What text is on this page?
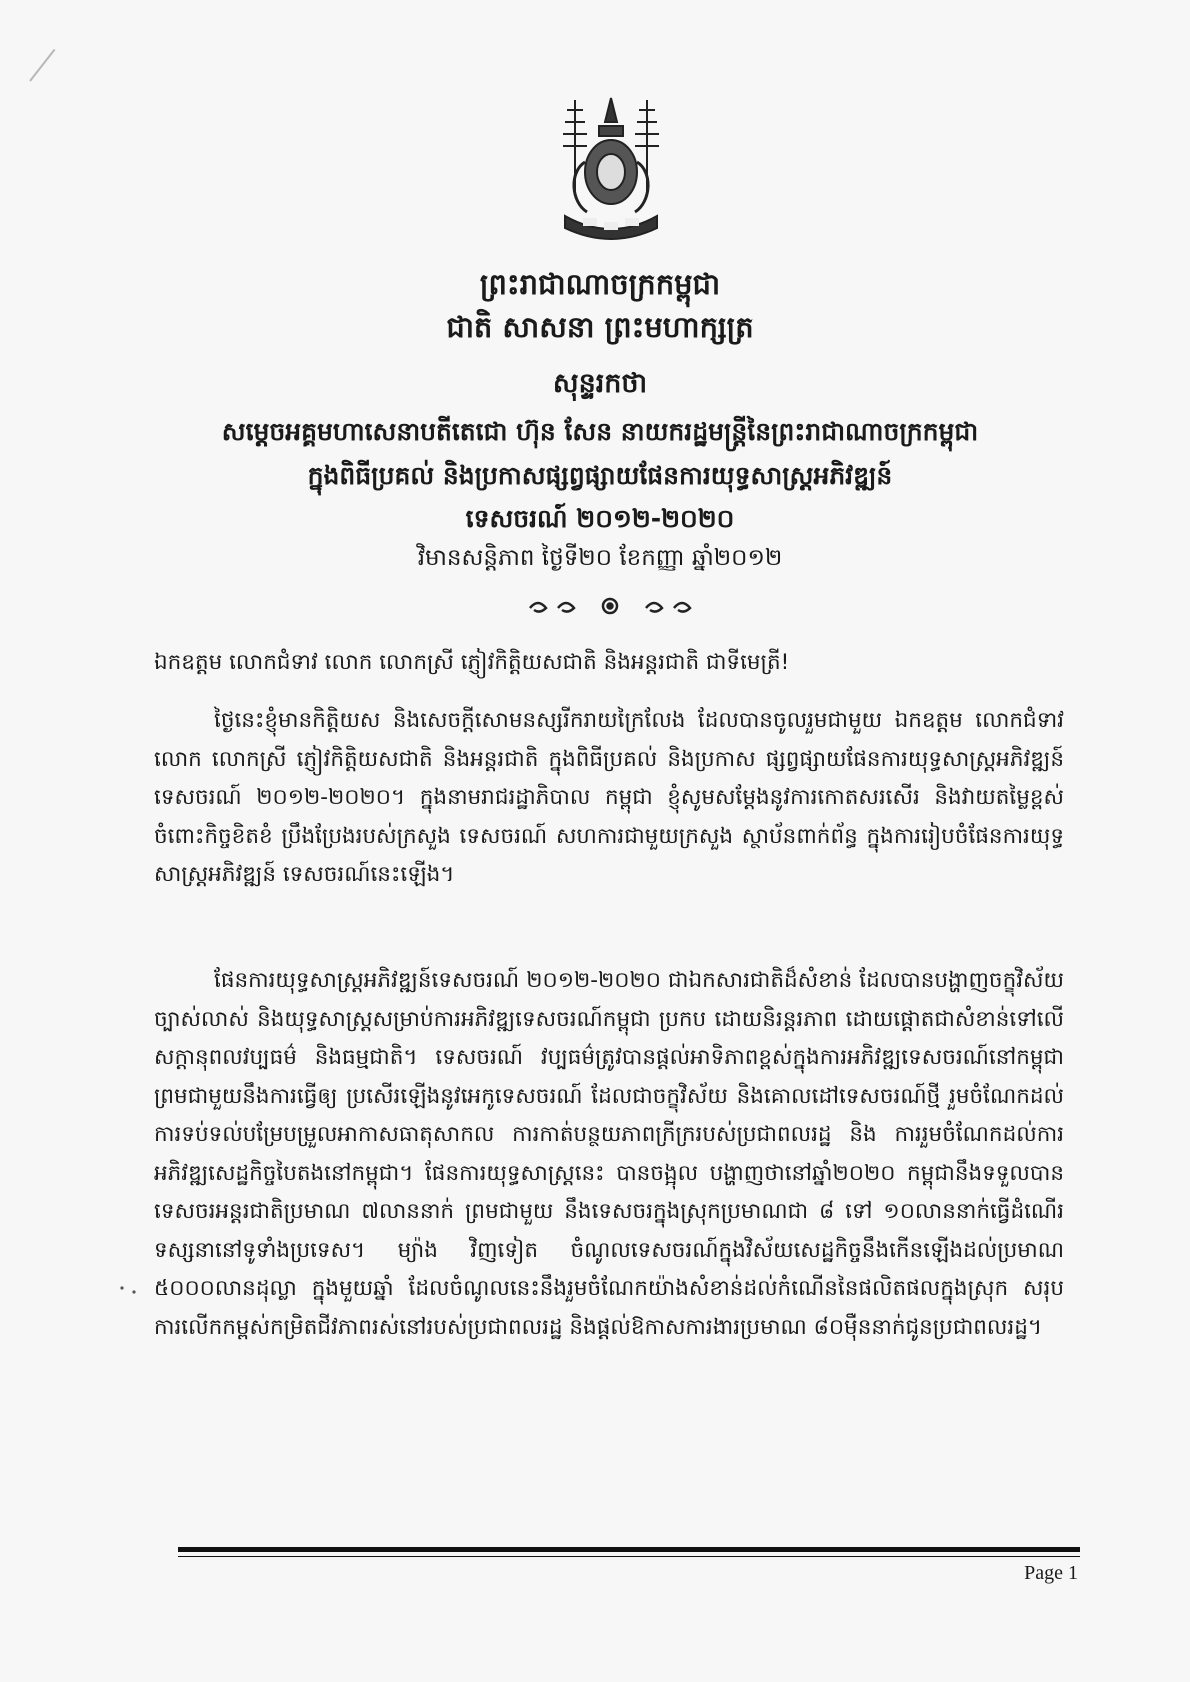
ព្រះរាជាណាចក្រកម្ពុជា
ជាតិ សាសនា ព្រះមហាក្សត្រ
សុន្ទរកថា
សម្តេចអគ្គមហាសេនាបតីតេជោ ហ៊ុន សែន នាយករដ្ឋមន្ត្រីនៃព្រះរាជាណាចក្រកម្ពុជា
ក្នុងពិធីប្រគល់ និងប្រកាសផ្សព្វផ្សាយផែនការយុទ្ធសាស្រ្តអភិវឌ្ឍន៍
ទេសចរណ៍ ២០១២-២០២០
វិមានសន្តិភាព ថ្ងៃទី២០ ខែកញ្ញា ឆ្នាំ២០១២
ឯកឧត្តម លោកជំទាវ លោក លោកស្រី ភ្ញៀវកិត្តិយសជាតិ និងអន្តរជាតិ ជាទីមេត្រី!
ថ្ងៃនេះខ្ញុំមានកិត្តិយស និងសេចក្តីសោមនស្សរីករាយក្រៃលែង ដែលបានចូលរួមជាមួយ ឯកឧត្តម លោកជំទាវ លោក លោកស្រី ភ្ញៀវកិត្តិយសជាតិ និងអន្តរជាតិ ក្នុងពិធីប្រគល់ និងប្រកាស ផ្សព្វផ្សាយផែនការយុទ្ធសាស្រ្តអភិវឌ្ឍន៍ទេសចរណ៍ ២០១២-២០២០។ ក្នុងនាមរាជរដ្ឋាភិបាល កម្ពុជា ខ្ញុំសូមសម្តែងនូវការកោតសរសើរ និងវាយតម្លៃខ្ពស់ចំពោះកិច្ចខិតខំ ប្រឹងប្រែងរបស់ក្រសួង ទេសចរណ៍ សហការជាមួយក្រសួង ស្ថាប័នពាក់ព័ន្ធ ក្នុងការរៀបចំផែនការយុទ្ធសាស្រ្តអភិវឌ្ឍន៍ ទេសចរណ៍នេះឡើង។
ផែនការយុទ្ធសាស្រ្តអភិវឌ្ឍន៍ទេសចរណ៍ ២០១២-២០២០ ជាឯកសារជាតិដ៏សំខាន់ ដែលបានបង្ហាញចក្ខុវិស័យច្បាស់លាស់ និងយុទ្ធសាស្រ្តសម្រាប់ការអភិវឌ្ឍទេសចរណ៍កម្ពុជា ប្រកប ដោយនិរន្តរភាព ដោយផ្តោតជាសំខាន់ទៅលើសក្តានុពលវប្បធម៌ និងធម្មជាតិ។ ទេសចរណ៍ វប្បធម៌ត្រូវបានផ្តល់អាទិភាពខ្ពស់ក្នុងការអភិវឌ្ឍទេសចរណ៍នៅកម្ពុជា ព្រមជាមួយនឹងការធ្វើឲ្យ ប្រសើរឡើងនូវអេកូទេសចរណ៍ ដែលជាចក្ខុវិស័យ និងគោលដៅទេសចរណ៍ថ្មី រួមចំណែកដល់ ការទប់ទល់បម្រែបម្រួលអាកាសធាតុសាកល ការកាត់បន្ថយភាពក្រីក្ររបស់ប្រជាពលរដ្ឋ និង ការរួមចំណែកដល់ការអភិវឌ្ឍសេដ្ឋកិច្ចបៃតងនៅកម្ពុជា។ ផែនការយុទ្ធសាស្រ្តនេះ បានចង្អុល បង្ហាញថានៅឆ្នាំ២០២០ កម្ពុជានឹងទទួលបានទេសចរអន្តរជាតិប្រមាណ ៧លាននាក់ ព្រមជាមួយ នឹងទេសចរក្នុងស្រុកប្រមាណជា ៨ ទៅ ១០លាននាក់ធ្វើដំណើរទស្សនានៅទូទាំងប្រទេស។ ម្យ៉ាង វិញទៀត ចំណូលទេសចរណ៍ក្នុងវិស័យសេដ្ឋកិច្ចនឹងកើនឡើងដល់ប្រមាណ ៥០០០លានដុល្លា ក្នុងមួយឆ្នាំ ដែលចំណូលនេះនឹងរួមចំណែកយ៉ាងសំខាន់ដល់កំណើននៃផលិតផលក្នុងស្រុក សរុប ការលើកកម្ពស់កម្រិតជីវភាពរស់នៅរបស់ប្រជាពលរដ្ឋ និងផ្តល់ឱកាសការងារប្រមាណ ៨០ម៉ឺននាក់ជូនប្រជាពលរដ្ឋ។
Page 1
